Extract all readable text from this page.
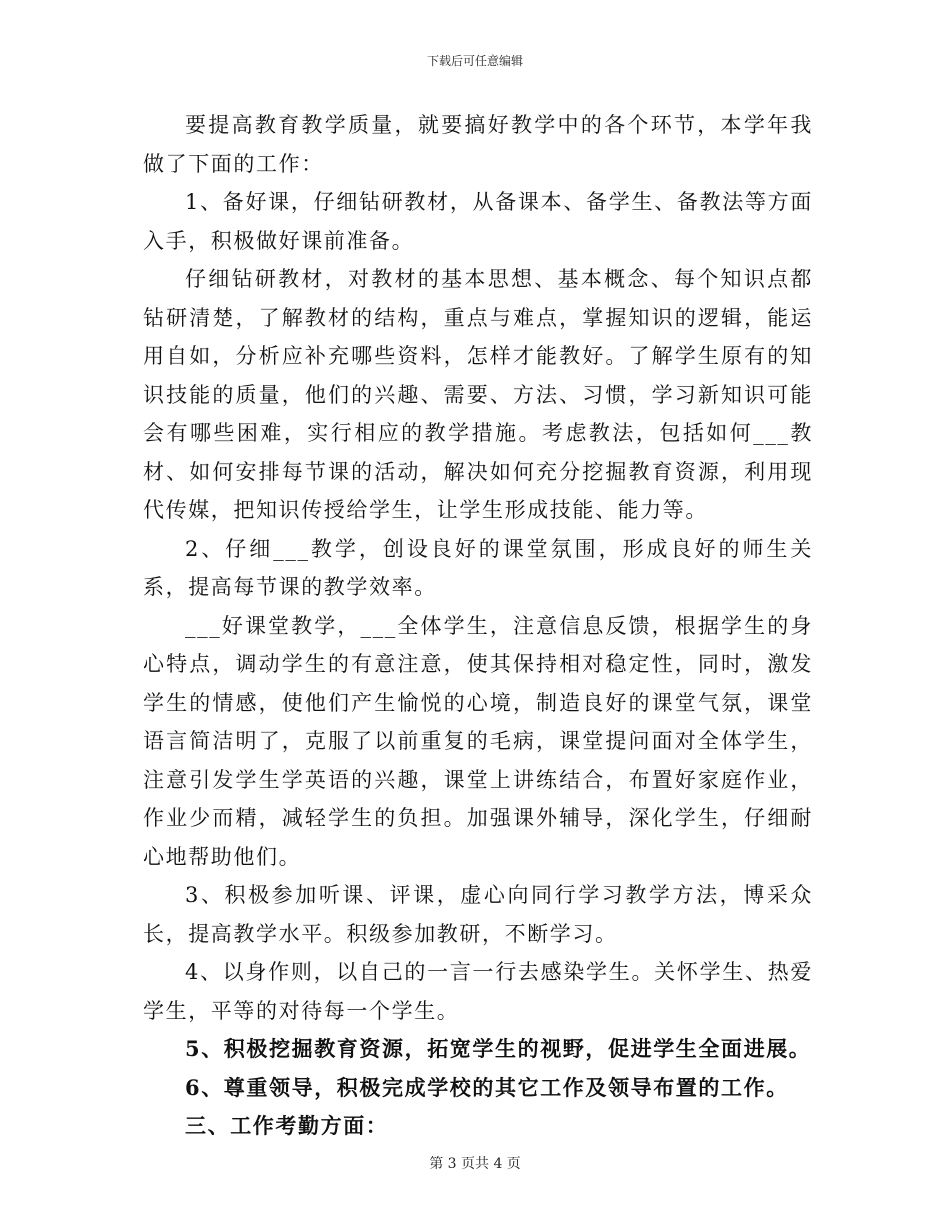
下载后可任意编辑

要提高教育教学质量，就要搞好教学中的各个环节，本学年我做了下面的工作：

1、备好课，仔细钻研教材，从备课本、备学生、备教法等方面入手，积极做好课前准备。

仔细钻研教材，对教材的基本思想、基本概念、每个知识点都钻研清楚，了解教材的结构，重点与难点，掌握知识的逻辑，能运用自如，分析应补充哪些资料，怎样才能教好。了解学生原有的知识技能的质量，他们的兴趣、需要、方法、习惯，学习新知识可能会有哪些困难，实行相应的教学措施。考虑教法，包括如何___教材、如何安排每节课的活动，解决如何充分挖掘教育资源，利用现代传媒，把知识传授给学生，让学生形成技能、能力等。

2、仔细___教学，创设良好的课堂氛围，形成良好的师生关系，提高每节课的教学效率。

___好课堂教学，___全体学生，注意信息反馈，根据学生的身心特点，调动学生的有意注意，使其保持相对稳定性，同时，激发学生的情感，使他们产生愉悦的心境，制造良好的课堂气氛，课堂语言简洁明了，克服了以前重复的毛病，课堂提问面对全体学生，注意引发学生学英语的兴趣，课堂上讲练结合，布置好家庭作业，作业少而精，减轻学生的负担。加强课外辅导，深化学生，仔细耐心地帮助他们。

3、积极参加听课、评课，虚心向同行学习教学方法，博采众长，提高教学水平。积级参加教研，不断学习。

4、以身作则，以自己的一言一行去感染学生。关怀学生、热爱学生，平等的对待每一个学生。

5、积极挖掘教育资源，拓宽学生的视野，促进学生全面进展。

6、尊重领导，积极完成学校的其它工作及领导布置的工作。

三、工作考勤方面：

第 3 页共 4 页
